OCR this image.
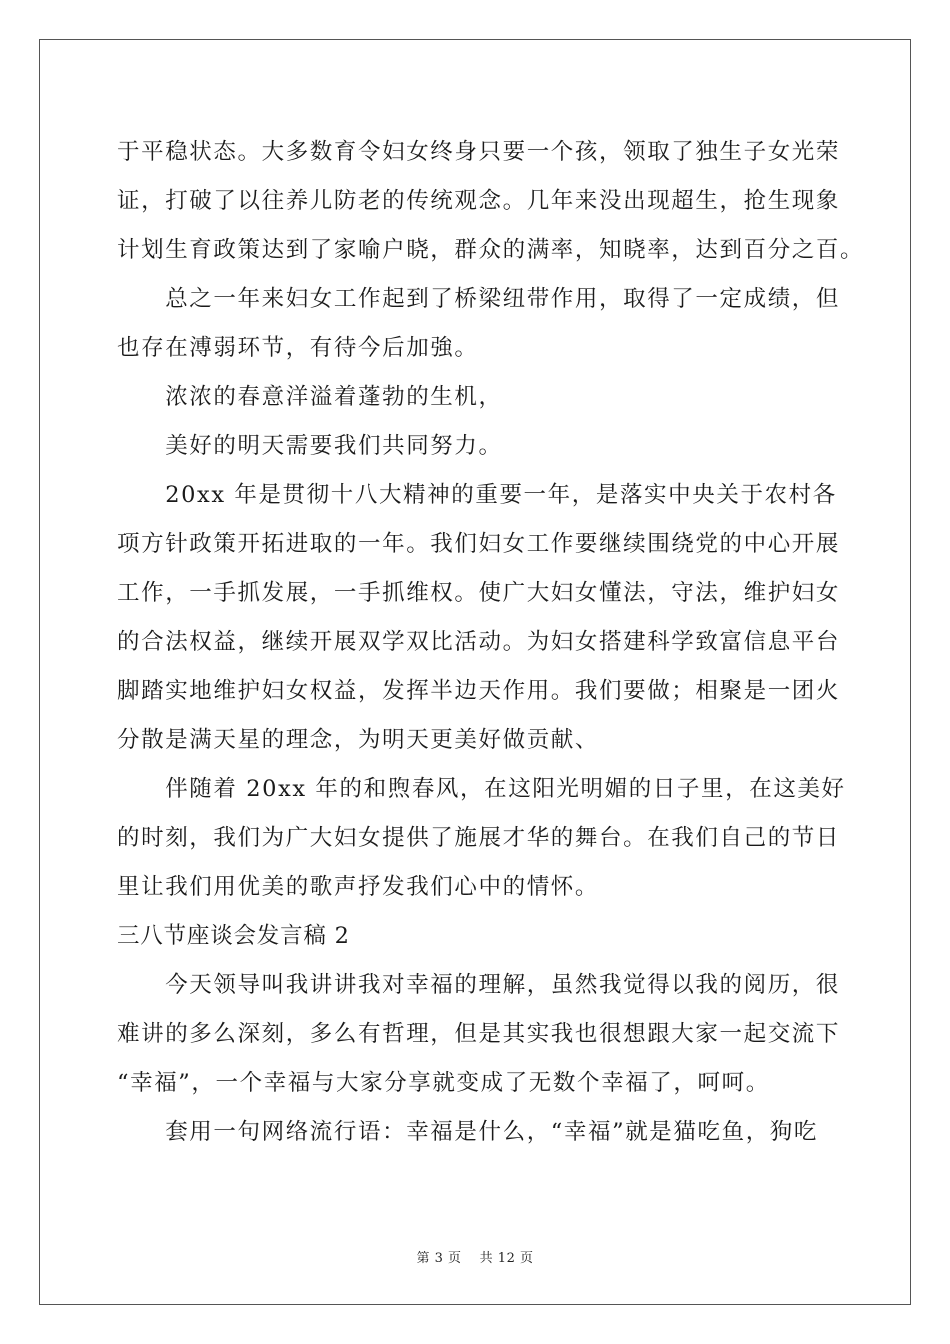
于平稳状态。大多数育令妇女终身只要一个孩，领取了独生子女光荣
证，打破了以往养儿防老的传统观念。几年来没出现超生，抢生现象
计划生育政策达到了家喻户晓，群众的满率，知晓率，达到百分之百。
　　总之一年来妇女工作起到了桥梁纽带作用，取得了一定成绩，但
也存在溥弱环节，有待今后加強。
　　浓浓的春意洋溢着蓬勃的生机，
　　美好的明天需要我们共同努力。
　　20xx 年是贯彻十八大精神的重要一年，是落实中央关于农村各
项方针政策开拓进取的一年。我们妇女工作要继续围绕党的中心开展
工作，一手抓发展，一手抓维权。使广大妇女懂法，守法，维护妇女
的合法权益，继续开展双学双比活动。为妇女搭建科学致富信息平台
脚踏实地维护妇女权益，发挥半边天作用。我们要做；相聚是一团火
分散是满天星的理念，为明天更美好做贡献、
　　伴随着 20xx 年的和煦春风，在这阳光明媚的日子里，在这美好
的时刻，我们为广大妇女提供了施展才华的舞台。在我们自己的节日
里让我们用优美的歌声抒发我们心中的情怀。
三八节座谈会发言稿 2
　　今天领导叫我讲讲我对幸福的理解，虽然我觉得以我的阅历，很
难讲的多么深刻，多么有哲理，但是其实我也很想跟大家一起交流下
“幸福”，一个幸福与大家分享就变成了无数个幸福了，呵呵。
　　套用一句网络流行语：幸福是什么，“幸福”就是猫吃鱼，狗吃
第 3 页　 共 12 页
